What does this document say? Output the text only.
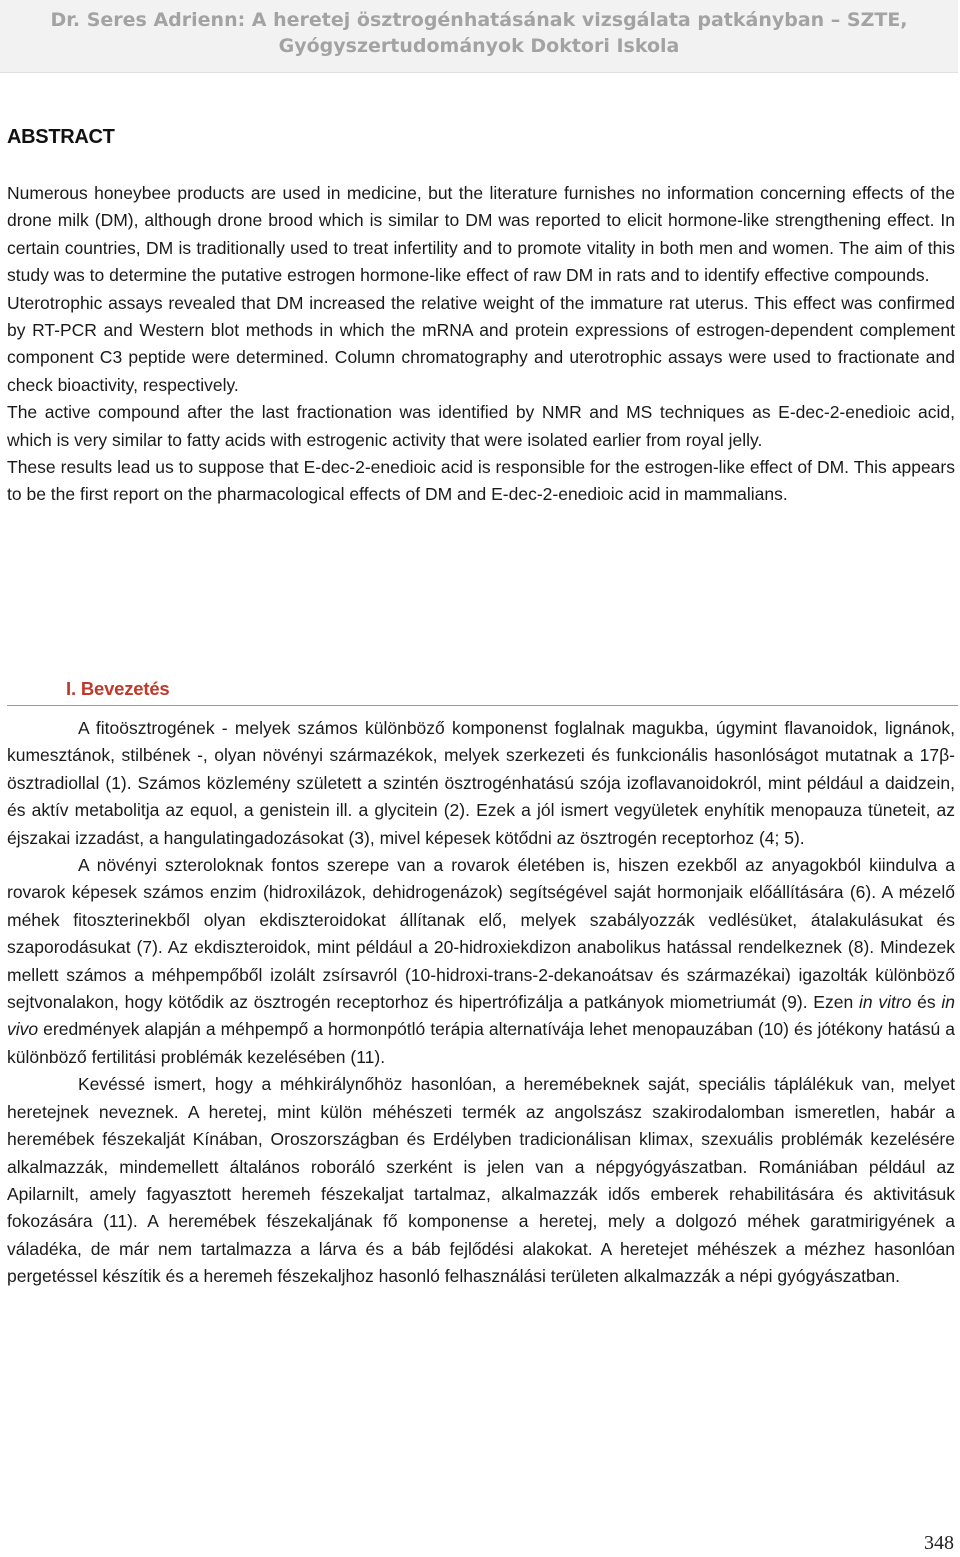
Dr. Seres Adrienn: A heretej ösztrogénhatásának vizsgálata patkányban – SZTE,
Gyógyszertudományok Doktori Iskola
ABSTRACT

Numerous honeybee products are used in medicine, but the literature furnishes no information concerning effects of the drone milk (DM), although drone brood which is similar to DM was reported to elicit hormone-like strengthening effect. In certain countries, DM is traditionally used to treat infertility and to promote vitality in both men and women. The aim of this study was to determine the putative estrogen hormone-like effect of raw DM in rats and to identify effective compounds.

Uterotrophic assays revealed that DM increased the relative weight of the immature rat uterus. This effect was confirmed by RT-PCR and Western blot methods in which the mRNA and protein expressions of estrogen-dependent complement component C3 peptide were determined. Column chromatography and uterotrophic assays were used to fractionate and check bioactivity, respectively.

The active compound after the last fractionation was identified by NMR and MS techniques as E-dec-2-enedioic acid, which is very similar to fatty acids with estrogenic activity that were isolated earlier from royal jelly.

These results lead us to suppose that E-dec-2-enedioic acid is responsible for the estrogen-like effect of DM. This appears to be the first report on the pharmacological effects of DM and E-dec-2-enedioic acid in mammalians.

I. Bevezetés

A fitoösztrogének - melyek számos különböző komponenst foglalnak magukba, úgymint flavanoidok, lignánok, kumesztánok, stilbének -, olyan növényi származékok, melyek szerkezeti és funkcionális hasonlóságot mutatnak a 17β-ösztradiollal (1). Számos közlemény született a szintén ösztrogénhatású szója izoflavanoidokról, mint például a daidzein, és aktív metabolitja az equol, a genistein ill. a glycitein (2). Ezek a jól ismert vegyületek enyhítik menopauza tüneteit, az éjszakai izzadást, a hangulatingadozásokat (3), mivel képesek kötődni az ösztrogén receptorhoz (4; 5).

A növényi szteroloknak fontos szerepe van a rovarok életében is, hiszen ezekből az anyagokból kiindulva a rovarok képesek számos enzim (hidroxilázok, dehidrogenázok) segítségével saját hormonjaik előállítására (6). A mézelő méhek fitoszterinekből olyan ekdiszteroidokat állítanak elő, melyek szabályozzák vedlésüket, átalakulásukat és szaporodásukat (7). Az ekdiszteroidok, mint például a 20-hidroxiekdizon anabolikus hatással rendelkeznek (8). Mindezek mellett számos a méhpempőből izolált zsírsavról (10-hidroxi-trans-2-dekanoátsav és származékai) igazolták különböző sejtvonalakon, hogy kötődik az ösztrogén receptorhoz és hipertrófizálja a patkányok miometriumát (9). Ezen in vitro és in vivo eredmények alapján a méhpempő a hormonpótló terápia alternatívája lehet menopauzában (10) és jótékony hatású a különböző fertilitási problémák kezelésében (11).

Kevéssé ismert, hogy a méhkirálynőhöz hasonlóan, a heremébeknek saját, speciális táplálékuk van, melyet heretejnek neveznek. A heretej, mint külön méhészeti termék az angolszász szakirodalomban ismeretlen, habár a heremébek fészekalját Kínában, Oroszországban és Erdélyben tradicionálisan klimax, szexuális problémák kezelésére alkalmazzák, mindemellett általános roboráló szerként is jelen van a népgyógyászatban. Romániában például az Apilarnilt, amely fagyasztott heremeh fészekaljat tartalmaz, alkalmazzák idős emberek rehabilitására és aktivitásuk fokozására (11). A heremébek fészekaljának fő komponense a heretej, mely a dolgozó méhek garatmirigyének a váladéka, de már nem tartalmazza a lárva és a báb fejlődési alakokat. A heretejet méhészek a mézhez hasonlóan pergetéssel készítik és a heremeh fészekaljhoz hasonló felhasználási területen alkalmazzák a népi gyógyászatban.

348
